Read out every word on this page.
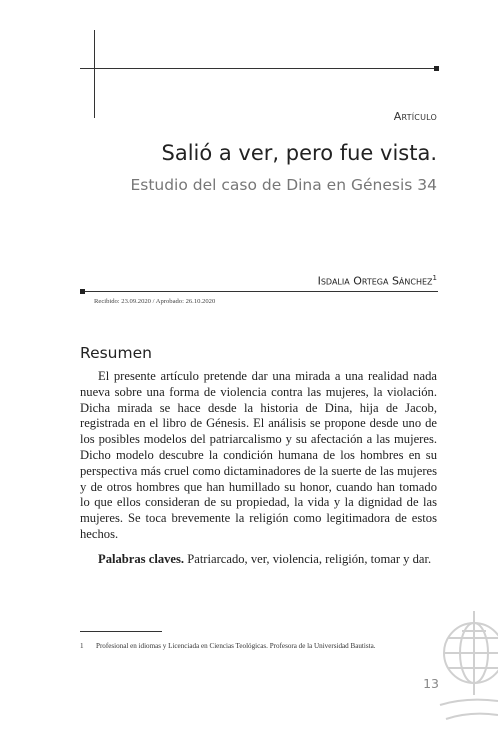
Artículo
Salió a ver, pero fue vista.
Estudio del caso de Dina en Génesis 34
Isdalia Ortega Sánchez$^1$
Recibido: 23.09.2020 / Aprobado: 26.10.2020
Resumen

El presente artículo pretende dar una mirada a una realidad nada nueva sobre una forma de violencia contra las mujeres, la violación. Dicha mirada se hace desde la historia de Dina, hija de Jacob, registrada en el libro de Génesis. El análisis se propone desde uno de los posibles modelos del patriarcalismo y su afectación a las mujeres. Dicho modelo descubre la condición humana de los hombres en su perspectiva más cruel como dictaminadores de la suerte de las mujeres y de otros hombres que han humillado su honor, cuando han tomado lo que ellos consideran de su propiedad, la vida y la dignidad de las mujeres. Se toca brevemente la religión como legitimadora de estos hechos.

Palabras claves. Patriarcado, ver, violencia, religión, tomar y dar.
1 Profesional en idiomas y Licenciada en Ciencias Teológicas. Profesora de la Universidad Bautista.
13
